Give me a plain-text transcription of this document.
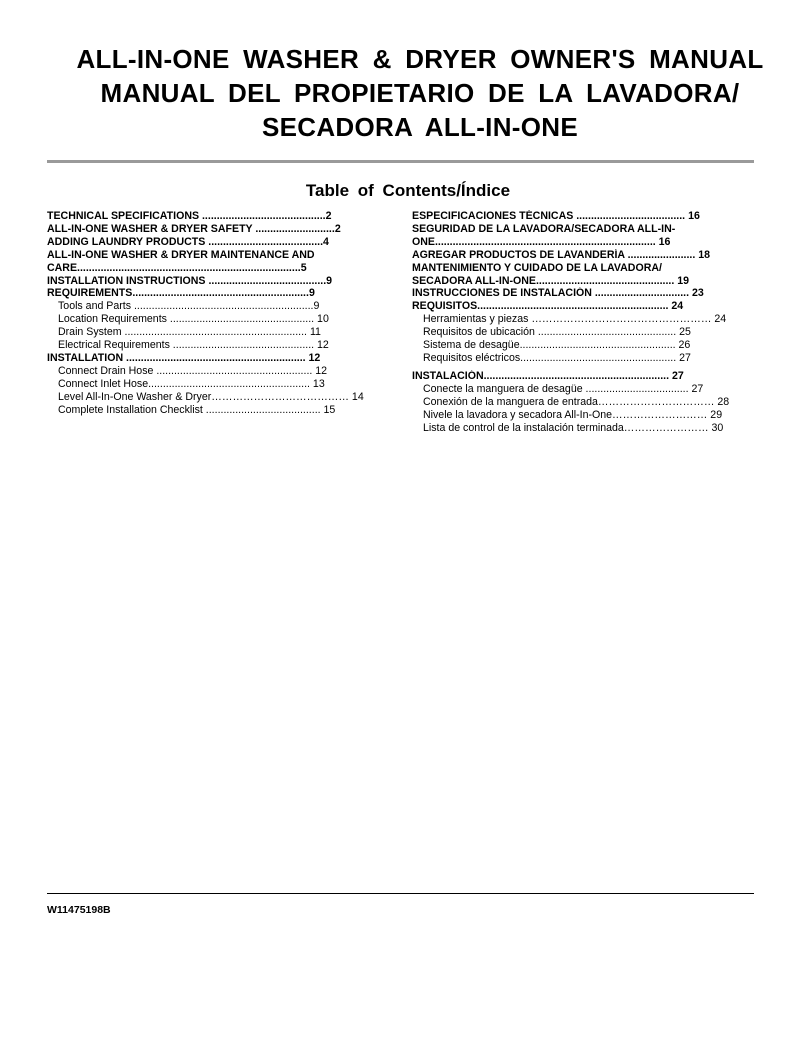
ALL-IN-ONE WASHER & DRYER OWNER'S MANUAL
MANUAL DEL PROPIETARIO DE LA LAVADORA/
SECADORA ALL-IN-ONE
Table of Contents/Índice
TECHNICAL SPECIFICATIONS ..........................................2
ALL-IN-ONE WASHER & DRYER SAFETY ...........................2
ADDING LAUNDRY PRODUCTS .......................................4
ALL-IN-ONE WASHER & DRYER MAINTENANCE AND
CARE............................................................................5
INSTALLATION INSTRUCTIONS ........................................9
REQUIREMENTS............................................................9
Tools and Parts .............................................................9
Location Requirements ................................................. 10
Drain System .............................................................. 11
Electrical Requirements ................................................ 12
INSTALLATION ............................................................. 12
Connect Drain Hose ..................................................... 12
Connect Inlet Hose....................................................... 13
Level All-In-One Washer & Dryer………………………………… 14
Complete Installation Checklist ....................................... 15
ESPECIFICACIONES TÉCNICAS ..................................... 16
SEGURIDAD DE LA LAVADORA/SECADORA ALL-IN-
ONE........................................................................... 16
AGREGAR PRODUCTOS DE LAVANDERÍA ....................... 18
MANTENIMIENTO Y CUIDADO DE LA LAVADORA/
SECADORA ALL-IN-ONE............................................... 19
INSTRUCCIONES DE INSTALACIÓN ................................ 23
REQUISITOS................................................................. 24
Herramientas y piezas …………………………………………… 24
Requisitos de ubicación ............................................... 25
Sistema de desagüe..................................................... 26
Requisitos eléctricos..................................................... 27
INSTALACIÓN............................................................... 27
Conecte la manguera de desagüe ................................... 27
Conexión de la manguera de entrada…………………………… 28
Nivele la lavadora y secadora All-In-One……………………… 29
Lista de control de la instalación terminada…………………… 30
W11475198B
